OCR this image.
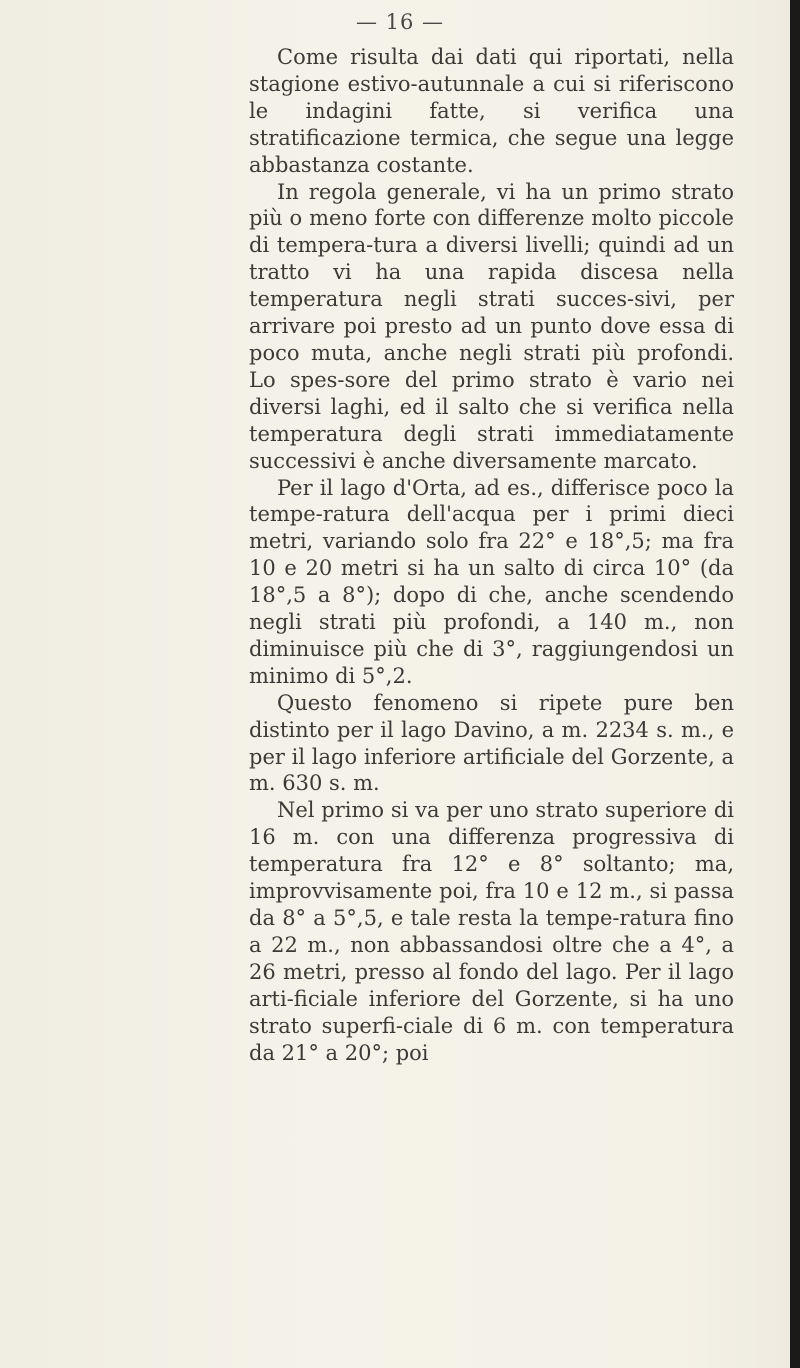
— 16 —

Come risulta dai dati qui riportati, nella stagione estivo-autunnale a cui si riferiscono le indagini fatte, si verifica una stratificazione termica, che segue una legge abbastanza costante.

In regola generale, vi ha un primo strato più o meno forte con differenze molto piccole di tempera-tura a diversi livelli; quindi ad un tratto vi ha una rapida discesa nella temperatura negli strati succes-sivi, per arrivare poi presto ad un punto dove essa di poco muta, anche negli strati più profondi. Lo spes-sore del primo strato è vario nei diversi laghi, ed il salto che si verifica nella temperatura degli strati immediatamente successivi è anche diversamente marcato.

Per il lago d'Orta, ad es., differisce poco la tempe-ratura dell'acqua per i primi dieci metri, variando solo fra 22° e 18°,5; ma fra 10 e 20 metri si ha un salto di circa 10° (da 18°,5 a 8°); dopo di che, anche scendendo negli strati più profondi, a 140 m., non diminuisce più che di 3°, raggiungendosi un minimo di 5°,2.

Questo fenomeno si ripete pure ben distinto per il lago Davino, a m. 2234 s. m., e per il lago inferiore artificiale del Gorzente, a m. 630 s. m.

Nel primo si va per uno strato superiore di 16 m. con una differenza progressiva di temperatura fra 12° e 8° soltanto; ma, improvvisamente poi, fra 10 e 12 m., si passa da 8° a 5°,5, e tale resta la tempe-ratura fino a 22 m., non abbassandosi oltre che a 4°, a 26 metri, presso al fondo del lago. Per il lago arti-ficiale inferiore del Gorzente, si ha uno strato superfi-ciale di 6 m. con temperatura da 21° a 20°; poi
